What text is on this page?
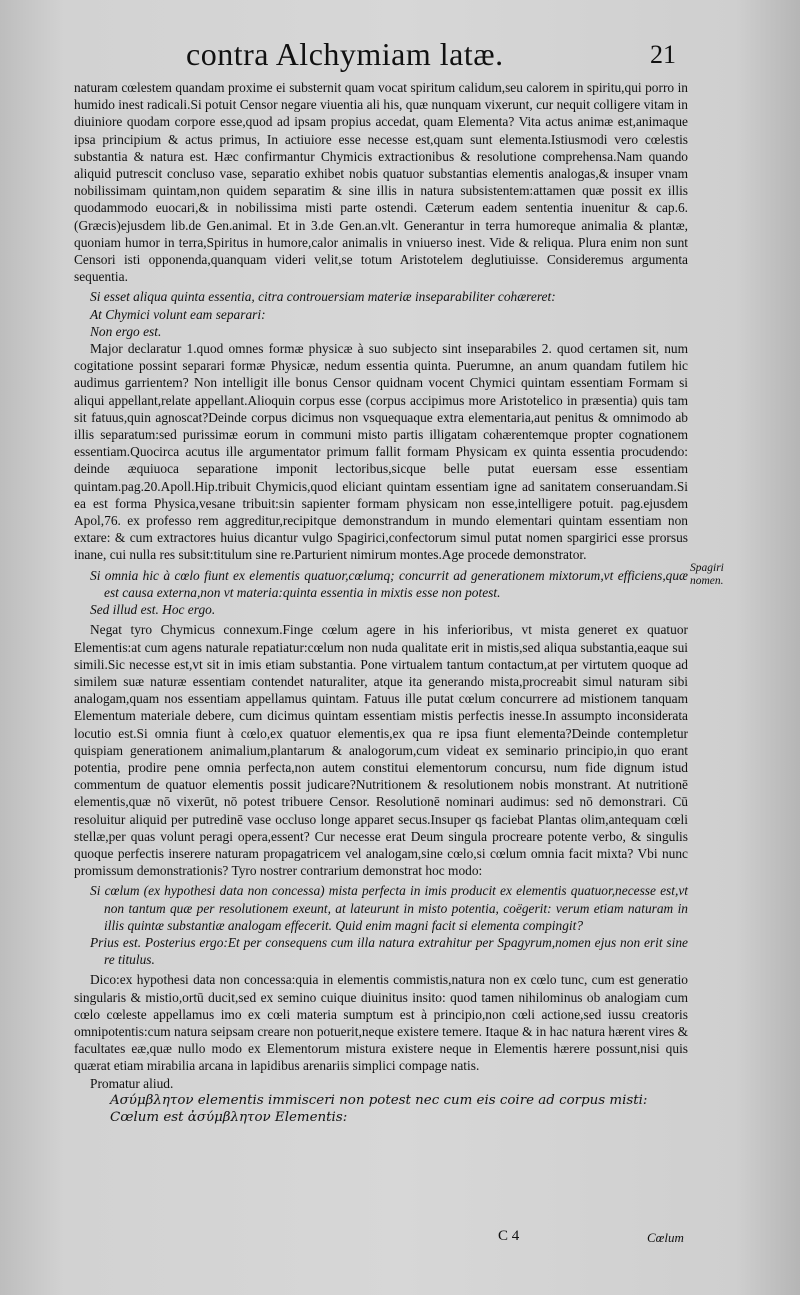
contra Alchymiam latæ.	21

naturam cœlestem quandam proxime ei substernit quam vocat spiritum calidum,seu calorem in spiritu,qui porro in humido inest radicali.Si potuit Censor negare viuentia ali his, quæ nunquam vixerunt, cur nequit colligere vitam in diuiniore quodam corpore esse,quod ad ipsam propius accedat, quam Elementa? Vita actus animæ est,animaque ipsa principium & actus primus, In actiuiore esse necesse est,quam sunt elementa.Istiusmodi vero cœlestis substantia & natura est. Hæc confirmantur Chymicis extractionibus & resolutione comprehensa.Nam quando aliquid putrescit concluso vase, separatio exhibet nobis quatuor substantias elementis analogas,& insuper vnam nobilissimam quintam,non quidem separatim & sine illis in natura subsistentem:attamen quæ possit ex illis quodammodo euocari,& in nobilissima misti parte ostendi. Cæterum eadem sententia inuenitur & cap.6. (Græcis)ejusdem lib.de Gen.animal. Et in 3.de Gen.an.vlt. Generantur in terra humoreque animalia & plantæ, quoniam humor in terra,Spiritus in humore,calor animalis in vniuerso inest. Vide & reliqua. Plura enim non sunt Censori isti opponenda,quanquam videri velit,se totum Aristotelem deglutiuisse. Consideremus argumenta sequentia.

Si esset aliqua quinta essentia, citra controuersiam materiæ inseparabiliter cohæreret:

At Chymici volunt eam separari:

Non ergo est.

Major declaratur 1.quod omnes formæ physicæ à suo subjecto sint inseparabiles 2. quod certamen sit, num cogitatione possint separari formæ Physicæ, nedum essentia quinta. Puerumne, an anum quandam futilem hic audimus garrientem? Non intelligit ille bonus Censor quidnam vocent Chymici quintam essentiam Formam si aliqui appellant,relate appellant.Alioquin corpus esse (corpus accipimus more Aristotelico in præsentia) quis tam sit fatuus,quin agnoscat?Deinde corpus dicimus non vsquequaque extra elementaria,aut penitus & omnimodo ab illis separatum:sed purissimæ eorum in communi misto partis illigatam cohærentemque propter cognationem essentiam.Quocirca acutus ille argumentator primum fallit formam Physicam ex quinta essentia procudendo: deinde æquiuoca separatione imponit lectoribus,sicque belle putat euersam esse essentiam quintam.pag.20.Apoll.Hip.tribuit Chymicis,quod eliciant quintam essentiam igne ad sanitatem conseruandam.Si ea est forma Physica,vesane tribuit:sin sapienter formam physicam non esse,intelligere potuit. pag.ejusdem Apol,76. ex professo rem aggreditur,recipitque demonstrandum in mundo elementari quintam essentiam non extare: & cum extractores huius dicantur vulgo Spagirici,confectorum simul putat nomen spargirici esse prorsus inane, cui nulla res subsit:titulum sine re.Parturient nimirum montes.Age procede demonstrator.

Si omnia hic à cœlo fiunt ex elementis quatuor,cœlumq; concurrit ad generationem mixtorum,vt efficiens,quæ est causa externa,non vt materia:quinta essentia in mixtis esse non potest.

Sed illud est. Hoc ergo.

Negat tyro Chymicus connexum.Finge cœlum agere in his inferioribus, vt mista generet ex quatuor Elementis:at cum agens naturale repatiatur:cœlum non nuda qualitate erit in mistis,sed aliqua substantia,eaque sui simili.Sic necesse est,vt sit in imis etiam substantia. Pone virtualem tantum contactum,at per virtutem quoque ad similem suæ naturæ essentiam contendet naturaliter, atque ita generando mista,procreabit simul naturam sibi analogam,quam nos essentiam appellamus quintam. Fatuus ille putat cœlum concurrere ad mistionem tanquam Elementum materiale debere, cum dicimus quintam essentiam mistis perfectis inesse.In assumpto inconsiderata locutio est.Si omnia fiunt à cœlo,ex quatuor elementis,ex qua re ipsa fiunt elementa?Deinde contempletur quispiam generationem animalium,plantarum & analogorum,cum videat ex seminario principio,in quo erant potentia, prodire pene omnia perfecta,non autem constitui elementorum concursu, num fide dignum istud commentum de quatuor elementis possit judicare?Nutritionem & resolutionem nobis monstrant. At nutritionē elementis,quæ nō vixerūt, nō potest tribuere Censor. Resolutionē nominari audimus: sed nō demonstrari. Cū resoluitur aliquid per putredinē vase occluso longe apparet secus.Insuper qs faciebat Plantas olim,antequam cœli stellæ,per quas volunt peragi opera,essent? Cur necesse erat Deum singula procreare potente verbo, & singulis quoque perfectis inserere naturam propagatricem vel analogam,sine cœlo,si cœlum omnia facit mixta? Vbi nunc promissum demonstrationis? Tyro nostrer contrarium demonstrat hoc modo:

Si cœlum (ex hypothesi data non concessa) mista perfecta in imis producit ex elementis quatuor,necesse est,vt non tantum quæ per resolutionem exeunt, at lateurunt in misto potentia, coëgerit: verum etiam naturam in illis quintæ substantiæ analogam effecerit. Quid enim magni facit si elementa compingit?

Prius est. Posterius ergo:Et per consequens cum illa natura extrahitur per Spagyrum,nomen ejus non erit sine re titulus.

Dico:ex hypothesi data non concessa:quia in elementis commistis,natura non ex cœlo tunc, cum est generatio singularis & mistio,ortū ducit,sed ex semino cuique diuinitus insito: quod tamen nihilominus ob analogiam cum cœlo cœleste appellamus imo ex cœli materia sumptum est à principio,non cœli actione,sed iussu creatoris omnipotentis:cum natura seipsam creare non potuerit,neque existere temere. Itaque & in hac natura hærent vires & facultates eæ,quæ nullo modo ex Elementorum mistura existere neque in Elementis hærere possunt,nisi quis quærat etiam mirabilia arcana in lapidibus arenariis simplici compage natis.

Promatur aliud.

Ασύμβλητον elementis immisceri non potest nec cum eis coire ad corpus misti:

Cœlum est ἀσύμβλητον Elementis:

Spagiri nomen.
C 4	Cœlum
